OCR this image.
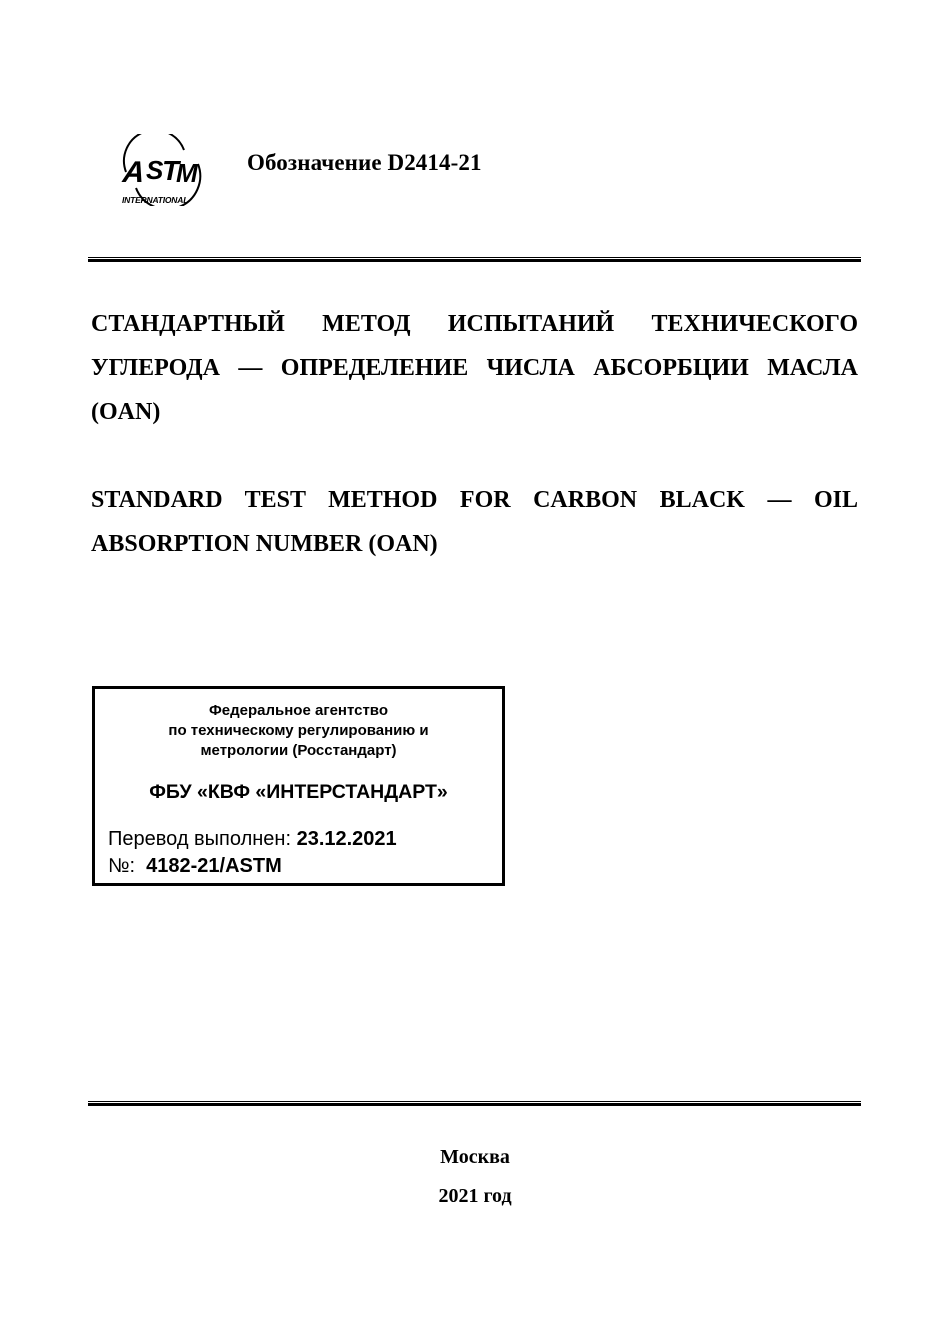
A S
T
M
INTERNATIONAL
Обозначение D2414-21
СТАНДАРТНЫЙ МЕТОД ИСПЫТАНИЙ ТЕХНИЧЕСКОГО УГЛЕРОДА — ОПРЕДЕЛЕНИЕ ЧИСЛА АБСОРБЦИИ МАСЛА (OAN)
STANDARD TEST METHOD FOR CARBON BLACK — OIL ABSORPTION NUMBER (OAN)
Федеральное агентство
по техническому регулированию и
метрологии (Росстандарт)
ФБУ «КВФ «ИНТЕРСТАНДАРТ»
Перевод выполнен: 23.12.2021
№: 4182-21/ASTM
Москва
2021 год
